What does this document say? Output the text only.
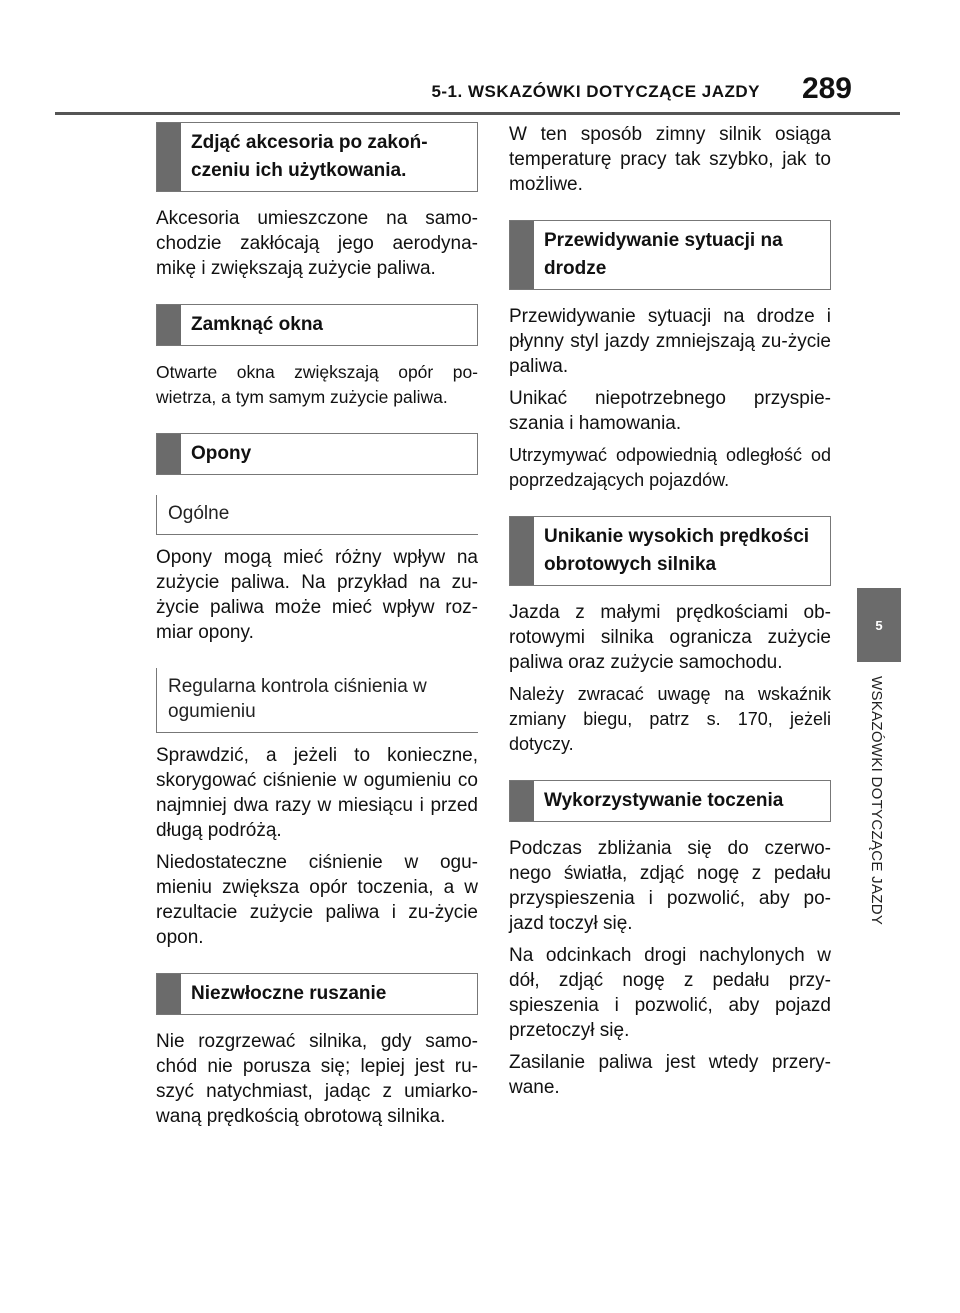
5-1. WSKAZÓWKI DOTYCZĄCE JAZDY 289
5
WSKAZÓWKI DOTYCZĄCE JAZDY
Zdjąć akcesoria po zakoń-czeniu ich użytkowania.

Akcesoria umieszczone na samo-chodzie zakłócają jego aerodyna-mikę i zwiększają zużycie paliwa.

Zamknąć okna

Otwarte okna zwiększają opór po-wietrza, a tym samym zużycie paliwa.

Opony
Ogólne

Opony mogą mieć różny wpływ na zużycie paliwa. Na przykład na zu-życie paliwa może mieć wpływ roz-miar opony.

Regularna kontrola ciśnienia w ogumieniu

Sprawdzić, a jeżeli to konieczne, skorygować ciśnienie w ogumieniu co najmniej dwa razy w miesiącu i przed długą podróżą.

Niedostateczne ciśnienie w ogu-mieniu zwiększa opór toczenia, a w rezultacie zużycie paliwa i zu-życie opon.

Niezwłoczne ruszanie

Nie rozgrzewać silnika, gdy samo-chód nie porusza się; lepiej jest ru-szyć natychmiast, jadąc z umiarko-waną prędkością obrotową silnika.

W ten sposób zimny silnik osiąga temperaturę pracy tak szybko, jak to możliwe.

Przewidywanie sytuacji na drodze

Przewidywanie sytuacji na drodze i płynny styl jazdy zmniejszają zu-życie paliwa.

Unikać niepotrzebnego przyspie-szania i hamowania.

Utrzymywać odpowiednią odległość od poprzedzających pojazdów.

Unikanie wysokich prędkości obrotowych silnika

Jazda z małymi prędkościami ob-rotowymi silnika ogranicza zużycie paliwa oraz zużycie samochodu.

Należy zwracać uwagę na wskaźnik zmiany biegu, patrz s. 170, jeżeli dotyczy.

Wykorzystywanie toczenia

Podczas zbliżania się do czerwo-nego światła, zdjąć nogę z pedału przyspieszenia i pozwolić, aby po-jazd toczył się.

Na odcinkach drogi nachylonych w dół, zdjąć nogę z pedału przy-spieszenia i pozwolić, aby pojazd przetoczył się.

Zasilanie paliwa jest wtedy przery-wane.
